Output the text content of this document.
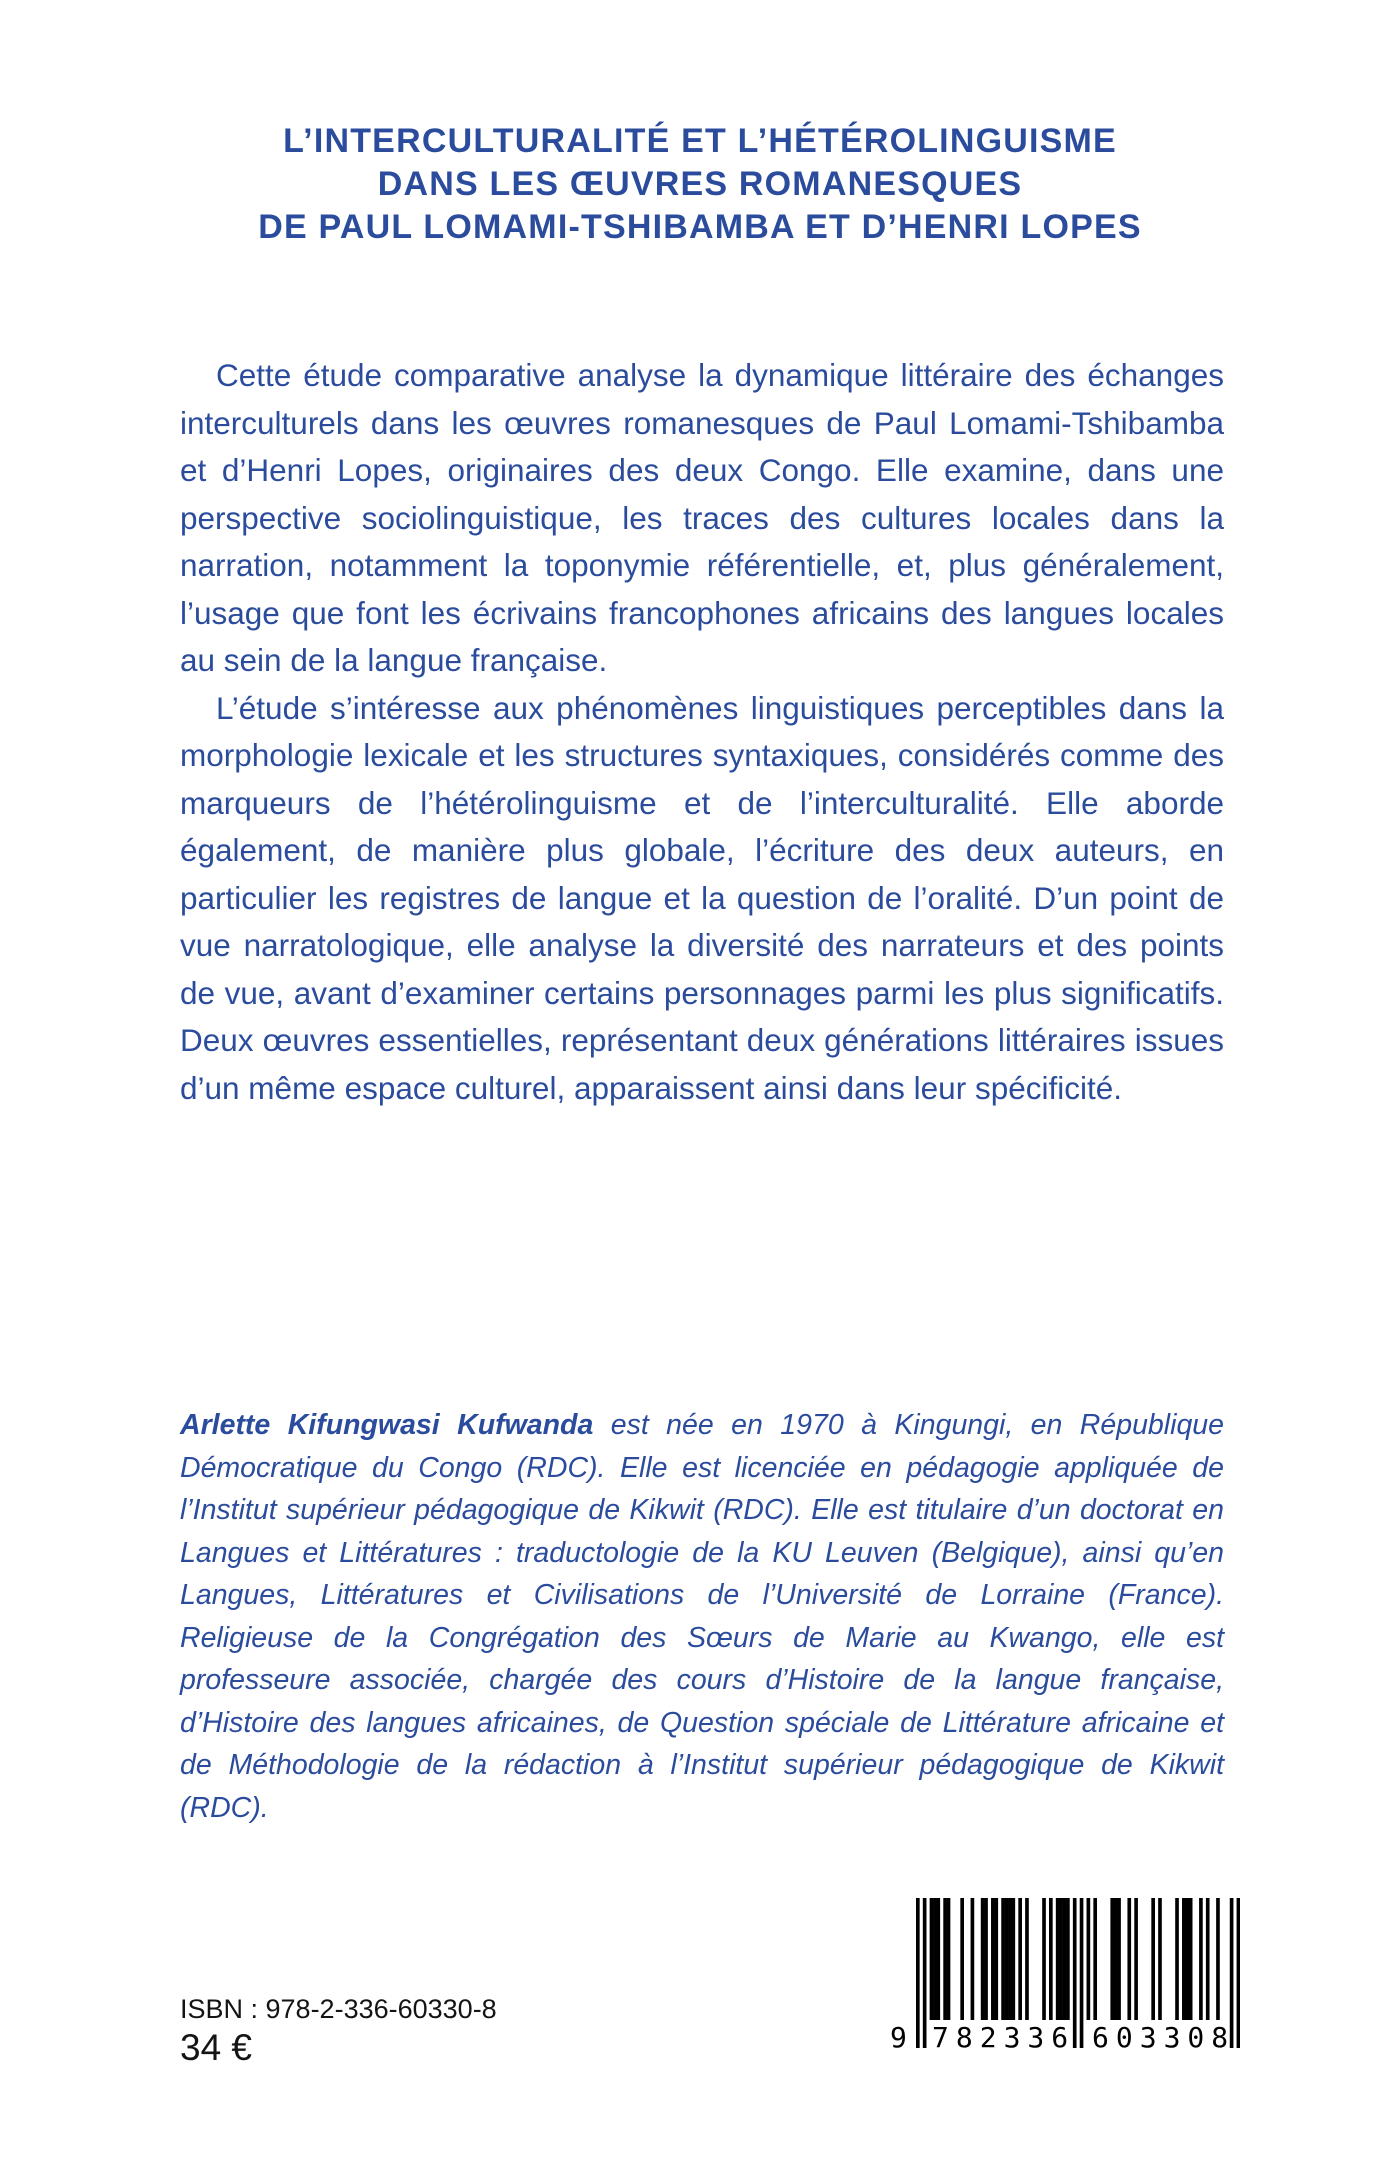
L’INTERCULTURALITÉ ET L’HÉTÉROLINGUISME
DANS LES ŒUVRES ROMANESQUES
DE PAUL LOMAMI-TSHIBAMBA ET D’HENRI LOPES

Cette étude comparative analyse la dynamique littéraire des échanges interculturels dans les œuvres romanesques de Paul Lomami-Tshibamba et d’Henri Lopes, originaires des deux Congo. Elle examine, dans une perspective sociolinguistique, les traces des cultures locales dans la narration, notamment la toponymie référentielle, et, plus généralement, l’usage que font les écrivains francophones africains des langues locales au sein de la langue française.

L’étude s’intéresse aux phénomènes linguistiques perceptibles dans la morphologie lexicale et les structures syntaxiques, considérés comme des marqueurs de l’hétérolinguisme et de l’interculturalité. Elle aborde également, de manière plus globale, l’écriture des deux auteurs, en particulier les registres de langue et la question de l’oralité. D’un point de vue narratologique, elle analyse la diversité des narrateurs et des points de vue, avant d’examiner certains personnages parmi les plus significatifs. Deux œuvres essentielles, représentant deux générations littéraires issues d’un même espace culturel, apparaissent ainsi dans leur spécificité.

Arlette Kifungwasi Kufwanda est née en 1970 à Kingungi, en République Démocratique du Congo (RDC). Elle est licenciée en pédagogie appliquée de l’Institut supérieur pédagogique de Kikwit (RDC). Elle est titulaire d’un doctorat en Langues et Littératures : traductologie de la KU Leuven (Belgique), ainsi qu’en Langues, Littératures et Civilisations de l’Université de Lorraine (France). Religieuse de la Congrégation des Sœurs de Marie au Kwango, elle est professeure associée, chargée des cours d’Histoire de la langue française, d’Histoire des langues africaines, de Question spéciale de Littérature africaine et de Méthodologie de la rédaction à l’Institut supérieur pédagogique de Kikwit (RDC).

ISBN : 978-2-336-60330-8
34 €	9 782336 603308
